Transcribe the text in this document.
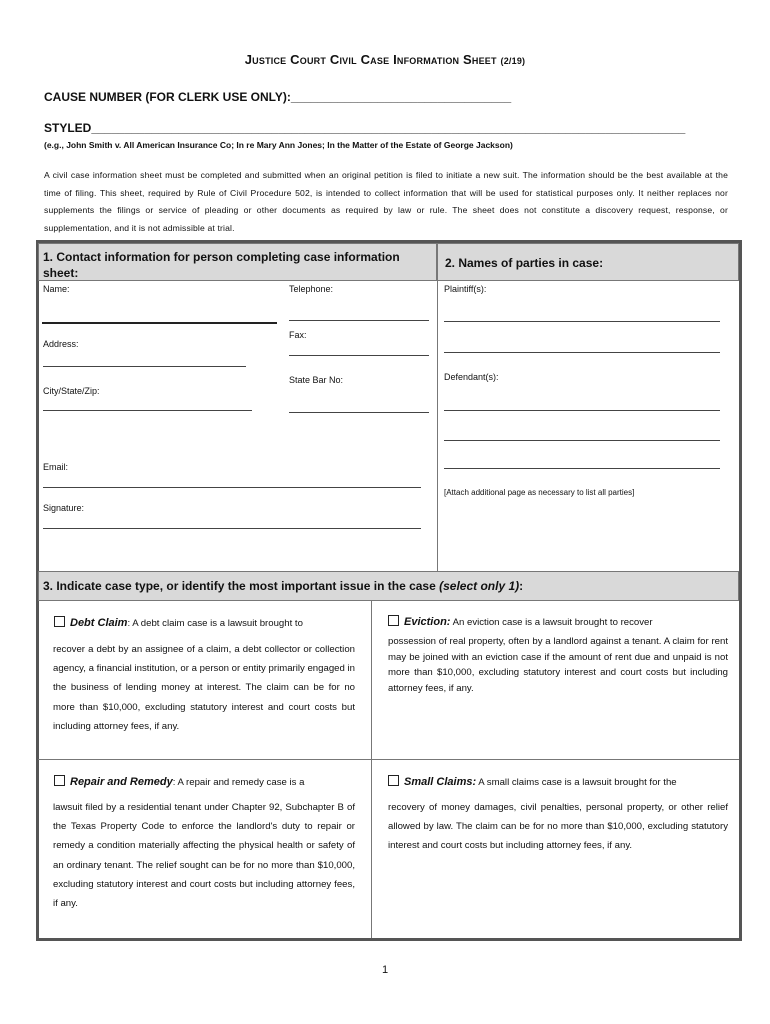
Justice Court Civil Case Information Sheet (2/19)
CAUSE NUMBER (FOR CLERK USE ONLY):_________________________________
STYLED_________________________________________________________________________________________
(e.g., John Smith v. All American Insurance Co; In re Mary Ann Jones; In the Matter of the Estate of George Jackson)
A civil case information sheet must be completed and submitted when an original petition is filed to initiate a new suit. The information should be the best available at the time of filing. This sheet, required by Rule of Civil Procedure 502, is intended to collect information that will be used for statistical purposes only. It neither replaces nor supplements the filings or service of pleading or other documents as required by law or rule. The sheet does not constitute a discovery request, response, or supplementation, and it is not admissible at trial.
1. Contact information for person completing case information
sheet:
2. Names of parties in case:
Name:	Telephone:
Fax:
Address:
State Bar No:
City/State/Zip:
Email:
Signature:
Plaintiff(s):
Defendant(s):
[Attach additional page as necessary to list all parties]
3. Indicate case type, or identify the most important issue in the case (select only 1):
Debt Claim: A debt claim case is a lawsuit brought to
recover a debt by an assignee of a claim, a debt collector or collection agency, a financial institution, or a person or entity primarily engaged in the business of lending money at interest. The claim can be for no more than $10,000, excluding statutory interest and court costs but including attorney fees, if any.
Eviction: An eviction case is a lawsuit brought to recover
possession of real property, often by a landlord against a tenant. A claim for rent may be joined with an eviction case if the amount of rent due and unpaid is not more than $10,000, excluding statutory interest and court costs but including attorney fees, if any.
Repair and Remedy: A repair and remedy case is a
lawsuit filed by a residential tenant under Chapter 92, Subchapter B of the Texas Property Code to enforce the landlord's duty to repair or remedy a condition materially affecting the physical health or safety of an ordinary tenant. The relief sought can be for no more than $10,000, excluding statutory interest and court costs but including attorney fees, if any.
Small Claims: A small claims case is a lawsuit brought for the
recovery of money damages, civil penalties, personal property, or other relief allowed by law. The claim can be for no more than $10,000, excluding statutory interest and court costs but including attorney fees, if any.
1
